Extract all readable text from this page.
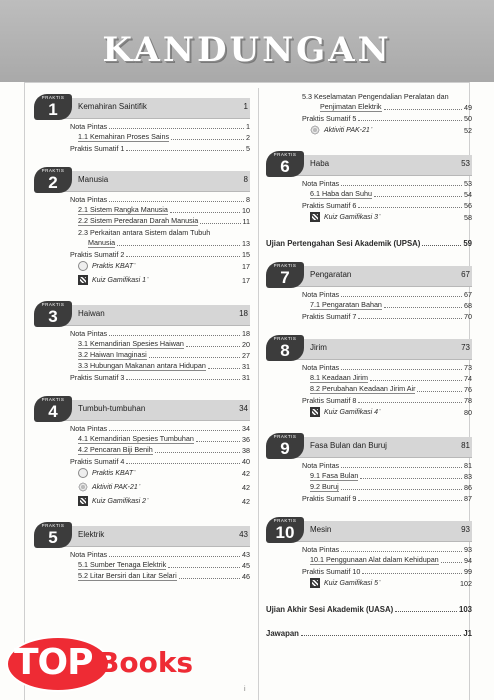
KANDUNGAN
PRAKTIS
1	Kemahiran Saintifik	1
Nota Pintas	1
1.1 Kemahiran Proses Sains	2
Praktis Sumatif 1	5
PRAKTIS
2	Manusia	8
Nota Pintas	8
2.1 Sistem Rangka Manusia	10
2.2 Sistem Peredaran Darah Manusia	11
2.3 Perkaitan antara Sistem dalam Tubuh
Manusia	13
Praktis Sumatif 2	15
Praktis KBAT ″	17
Kuiz Gamifikasi 1 ″	17
PRAKTIS
3	Haiwan	18
Nota Pintas	18
3.1 Kemandirian Spesies Haiwan	20
3.2 Haiwan Imaginasi	27
3.3 Hubungan Makanan antara Hidupan	31
Praktis Sumatif 3	31
PRAKTIS
4	Tumbuh-tumbuhan	34
Nota Pintas	34
4.1 Kemandirian Spesies Tumbuhan	36
4.2 Pencaran Biji Benih	38
Praktis Sumatif 4	40
Praktis KBAT ″	42
Aktiviti PAK-21 ″	42
Kuiz Gamifikasi 2 ″	42
PRAKTIS
5	Elektrik	43
Nota Pintas	43
5.1 Sumber Tenaga Elektrik	45
5.2 Litar Bersiri dan Litar Selari	46
5.3 Keselamatan Pengendalian Peralatan dan
Penjimatan Elektrik	49
Praktis Sumatif 5	50
Aktiviti PAK-21 ″	52
PRAKTIS
6	Haba	53
Nota Pintas	53
6.1 Haba dan Suhu	54
Praktis Sumatif 6	56
Kuiz Gamifikasi 3 ″	58
Ujian Pertengahan Sesi Akademik (UPSA)	59
PRAKTIS
7	Pengaratan	67
Nota Pintas	67
7.1 Pengaratan Bahan	68
Praktis Sumatif 7	70
PRAKTIS
8	Jirim	73
Nota Pintas	73
8.1 Keadaan Jirim	74
8.2 Perubahan Keadaan Jirim Air	76
Praktis Sumatif 8	78
Kuiz Gamifikasi 4 ″	80
PRAKTIS
9	Fasa Bulan dan Buruj	81
Nota Pintas	81
9.1 Fasa Bulan	83
9.2 Buruj	86
Praktis Sumatif 9	87
PRAKTIS
10	Mesin	93
Nota Pintas	93
10.1 Penggunaan Alat dalam Kehidupan	94
Praktis Sumatif 10	99
Kuiz Gamifikasi 5 ″	102
Ujian Akhir Sesi Akademik (UASA)	103
Jawapan	J1
TOP Books
i
